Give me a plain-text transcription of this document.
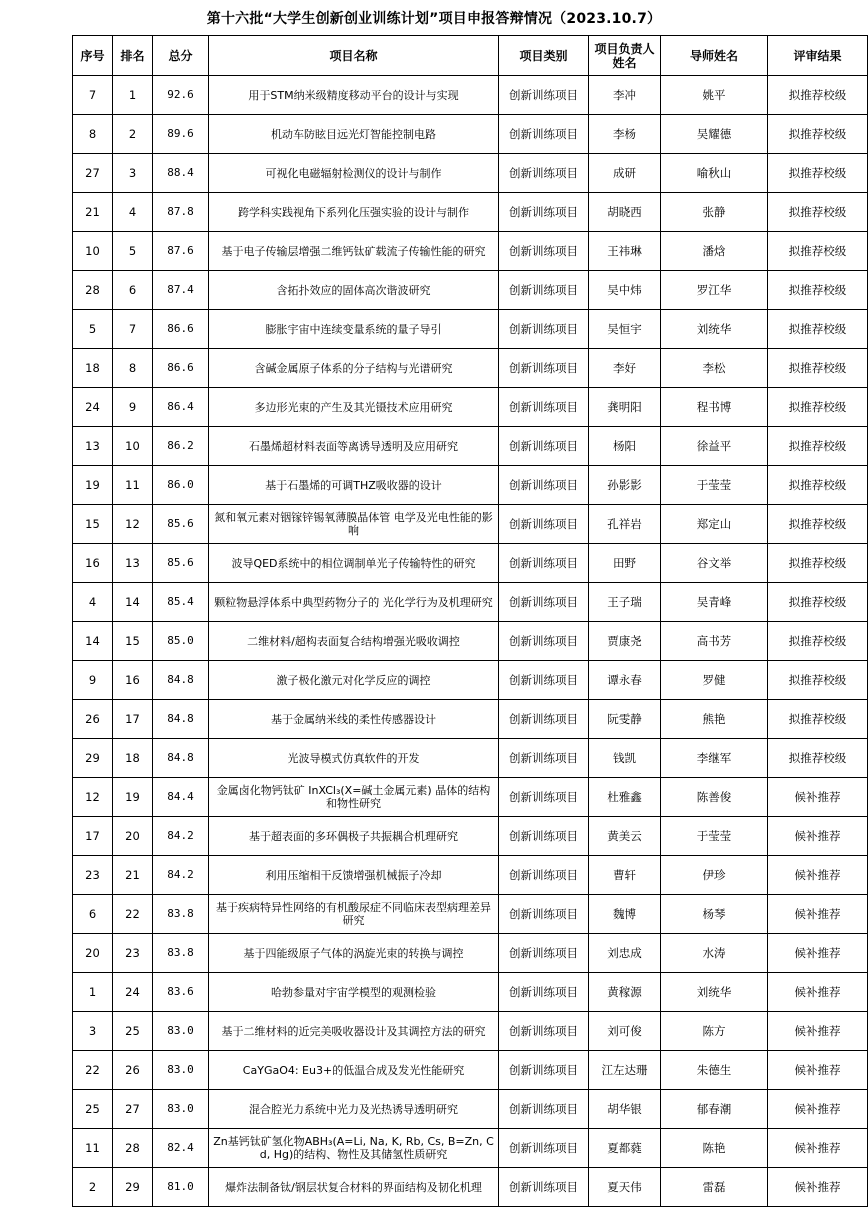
第十六批“大学生创新创业训练计划”项目申报答辩情况（2023.10.7）
序号	排名	总分	项目名称	项目类别	项目负责人姓名	导师姓名	评审结果
7	1	92.6	用于STM纳米级精度移动平台的设计与实现	创新训练项目	李冲	姚平	拟推荐校级
8	2	89.6	机动车防眩目远光灯智能控制电路	创新训练项目	李杨	吴耀德	拟推荐校级
27	3	88.4	可视化电磁辐射检测仪的设计与制作	创新训练项目	成研	喻秋山	拟推荐校级
21	4	87.8	跨学科实践视角下系列化压强实验的设计与制作	创新训练项目	胡晓西	张静	拟推荐校级
10	5	87.6	基于电子传输层增强二维钙钛矿载流子传输性能的研究	创新训练项目	王祎琳	潘焓	拟推荐校级
28	6	87.4	含拓扑效应的固体高次谐波研究	创新训练项目	吴中炜	罗江华	拟推荐校级
5	7	86.6	膨胀宇宙中连续变量系统的量子导引	创新训练项目	吴恒宇	刘统华	拟推荐校级
18	8	86.6	含碱金属原子体系的分子结构与光谱研究	创新训练项目	李好	李松	拟推荐校级
24	9	86.4	多边形光束的产生及其光镊技术应用研究	创新训练项目	龚明阳	程书博	拟推荐校级
13	10	86.2	石墨烯超材料表面等离诱导透明及应用研究	创新训练项目	杨阳	徐益平	拟推荐校级
19	11	86.0	基于石墨烯的可调THZ吸收器的设计	创新训练项目	孙影影	于莹莹	拟推荐校级
15	12	85.6	氮和氧元素对铟镓锌锡氧薄膜晶体管 电学及光电性能的影响	创新训练项目	孔祥岩	郑定山	拟推荐校级
16	13	85.6	波导QED系统中的相位调制单光子传输特性的研究	创新训练项目	田野	谷文举	拟推荐校级
4	14	85.4	颗粒物悬浮体系中典型药物分子的 光化学行为及机理研究	创新训练项目	王子瑞	吴青峰	拟推荐校级
14	15	85.0	二维材料/超构表面复合结构增强光吸收调控	创新训练项目	贾康尧	高书芳	拟推荐校级
9	16	84.8	激子极化激元对化学反应的调控	创新训练项目	谭永春	罗健	拟推荐校级
26	17	84.8	基于金属纳米线的柔性传感器设计	创新训练项目	阮雯静	熊艳	拟推荐校级
29	18	84.8	光波导模式仿真软件的开发	创新训练项目	钱凯	李继军	拟推荐校级
12	19	84.4	金属卤化物钙钛矿 InXCl₃(X=碱土金属元素) 晶体的结构和物性研究	创新训练项目	杜雅鑫	陈善俊	候补推荐
17	20	84.2	基于超表面的多环偶极子共振耦合机理研究	创新训练项目	黄美云	于莹莹	候补推荐
23	21	84.2	利用压缩相干反馈增强机械振子冷却	创新训练项目	曹轩	伊珍	候补推荐
6	22	83.8	基于疾病特异性网络的有机酸尿症不同临床表型病理差异研究	创新训练项目	魏博	杨琴	候补推荐
20	23	83.8	基于四能级原子气体的涡旋光束的转换与调控	创新训练项目	刘忠成	水涛	候补推荐
1	24	83.6	哈勃参量对宇宙学模型的观测检验	创新训练项目	黄稼源	刘统华	候补推荐
3	25	83.0	基于二维材料的近完美吸收器设计及其调控方法的研究	创新训练项目	刘可俊	陈方	候补推荐
22	26	83.0	CaYGaO4: Eu3+的低温合成及发光性能研究	创新训练项目	江左达珊	朱德生	候补推荐
25	27	83.0	混合腔光力系统中光力及光热诱导透明研究	创新训练项目	胡华银	郁春潮	候补推荐
11	28	82.4	Zn基钙钛矿氢化物ABH₃(A=Li, Na, K, Rb, Cs, B=Zn, Cd, Hg)的结构、物性及其储氢性质研究	创新训练项目	夏都蕤	陈艳	候补推荐
2	29	81.0	爆炸法制备钛/钢层状复合材料的界面结构及韧化机理	创新训练项目	夏天伟	雷磊	候补推荐
